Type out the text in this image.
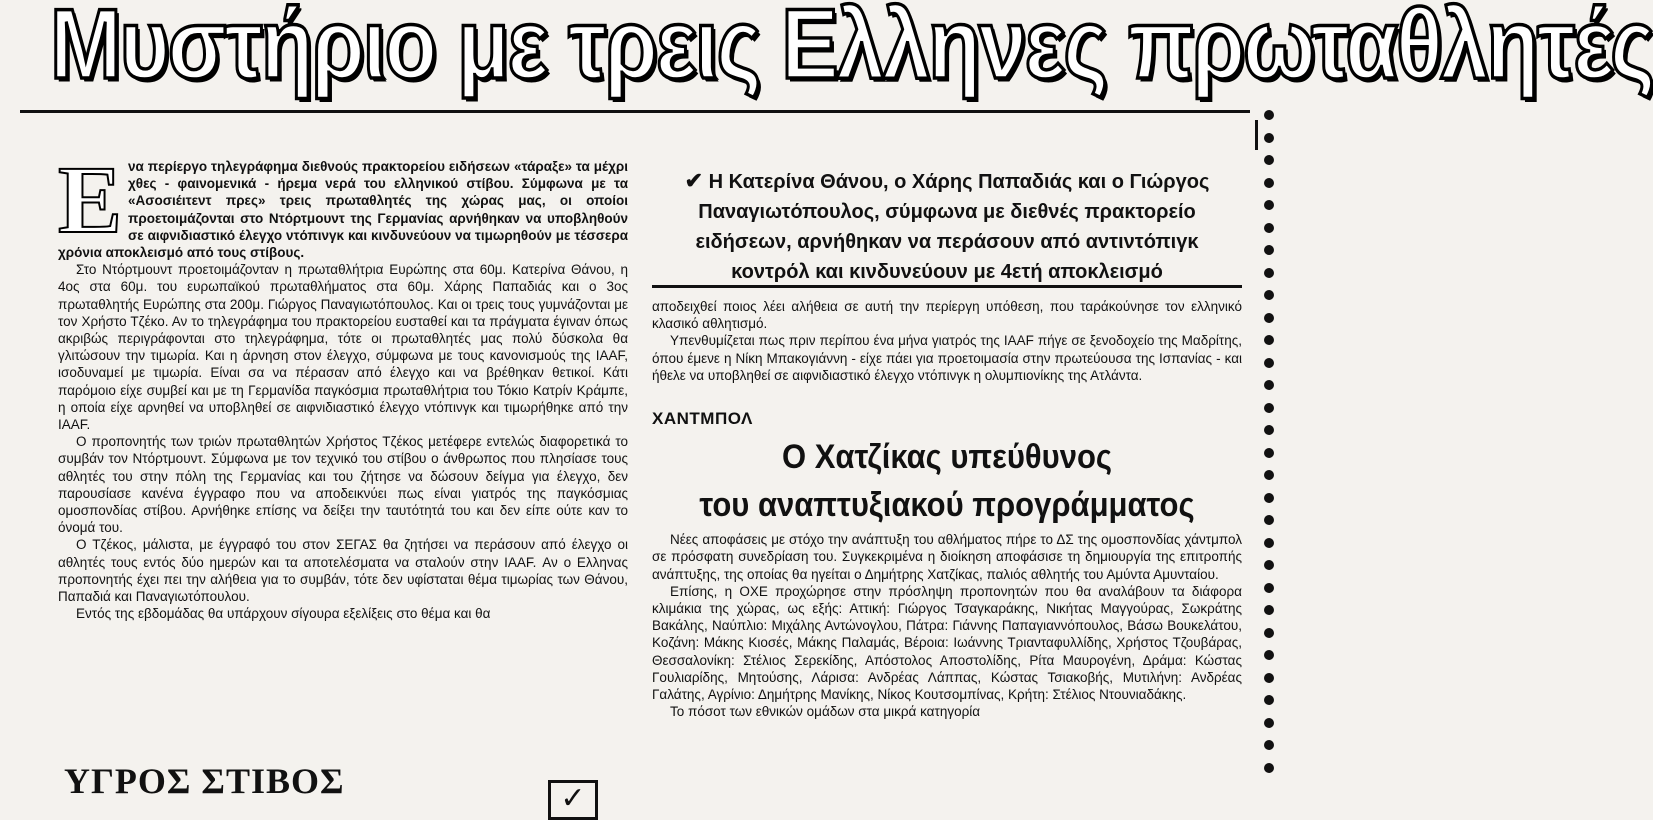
Μυστήριο με τρεις Ελληνες πρωταθλητές

Ενα περίεργο τηλεγράφημα διεθνούς πρακτορείου ειδήσεων «τάραξε» τα μέχρι χθες - φαινομενικά - ήρεμα νερά του ελληνικού στίβου. Σύμφωνα με τα «Ασοσιέιτεντ πρες» τρεις πρωταθλητές της χώρας μας, οι οποίοι προετοιμάζονται στο Ντόρτμουντ της Γερμανίας αρνήθηκαν να υποβληθούν σε αιφνιδιαστικό έλεγχο ντόπινγκ και κινδυνεύουν να τιμωρηθούν με τέσσερα χρόνια αποκλεισμό από τους στίβους.

Στο Ντόρτμουντ προετοιμάζονταν η πρωταθλήτρια Ευρώπης στα 60μ. Κατερίνα Θάνου, η 4ος στα 60μ. του ευρωπαϊκού πρωταθλήματος στα 60μ. Χάρης Παπαδιάς και ο 3ος πρωταθλητής Ευρώπης στα 200μ. Γιώργος Παναγιωτόπουλος. Και οι τρεις τους γυμνάζονται με τον Χρήστο Τζέκο. Αν το τηλεγράφημα του πρακτορείου ευσταθεί και τα πράγματα έγιναν όπως ακριβώς περιγράφονται στο τηλεγράφημα, τότε οι πρωταθλητές μας πολύ δύσκολα θα γλιτώσουν την τιμωρία. Και η άρνηση στον έλεγχο, σύμφωνα με τους κανονισμούς της IAAF, ισοδυναμεί με τιμωρία. Είναι σα να πέρασαν από έλεγχο και να βρέθηκαν θετικοί. Κάτι παρόμοιο είχε συμβεί και με τη Γερμανίδα παγκόσμια πρωταθλήτρια του Τόκιο Κατρίν Κράμπε, η οποία είχε αρνηθεί να υποβληθεί σε αιφνιδιαστικό έλεγχο ντόπινγκ και τιμωρήθηκε από την IAAF.

Ο προπονητής των τριών πρωταθλητών Χρήστος Τζέκος μετέφερε εντελώς διαφορετικά το συμβάν τον Ντόρτμουντ. Σύμφωνα με τον τεχνικό του στίβου ο άνθρωπος που πλησίασε τους αθλητές του στην πόλη της Γερμανίας και του ζήτησε να δώσουν δείγμα για έλεγχο, δεν παρουσίασε κανένα έγγραφο που να αποδεικνύει πως είναι γιατρός της παγκόσμιας ομοσπονδίας στίβου. Αρνήθηκε επίσης να δείξει την ταυτότητά του και δεν είπε ούτε καν το όνομά του.

Ο Τζέκος, μάλιστα, με έγγραφό του στον ΣΕΓΑΣ θα ζητήσει να περάσουν από έλεγχο οι αθλητές τους εντός δύο ημερών και τα αποτελέσματα να σταλούν στην IAAF. Αν ο Ελληνας προπονητής έχει πει την αλήθεια για το συμβάν, τότε δεν υφίσταται θέμα τιμωρίας των Θάνου, Παπαδιά και Παναγιωτόπουλου.

Εντός της εβδομάδας θα υπάρχουν σίγουρα εξελίξεις στο θέμα και θα

✔ Η Κατερίνα Θάνου, ο Χάρης Παπαδιάς και ο Γιώργος Παναγιωτόπουλος, σύμφωνα με διεθνές πρακτορείο ειδήσεων, αρνήθηκαν να περάσουν από αντιντόπιγκ κοντρόλ και κινδυνεύουν με 4ετή αποκλεισμό

αποδειχθεί ποιος λέει αλήθεια σε αυτή την περίεργη υπόθεση, που ταράκούνησε τον ελληνικό κλασικό αθλητισμό.

Υπενθυμίζεται πως πριν περίπου ένα μήνα γιατρός της IAAF πήγε σε ξενοδοχείο της Μαδρίτης, όπου έμενε η Νίκη Μπακογιάννη - είχε πάει για προετοιμασία στην πρωτεύουσα της Ισπανίας - και ήθελε να υποβληθεί σε αιφνιδιαστικό έλεγχο ντόπινγκ η ολυμπιονίκης της Ατλάντα.

ΧΑΝΤΜΠΟΛ
Ο Χατζίκας υπεύθυνος
του αναπτυξιακού προγράμματος

Νέες αποφάσεις με στόχο την ανάπτυξη του αθλήματος πήρε το ΔΣ της ομοσπονδίας χάντμπολ σε πρόσφατη συνεδρίαση του. Συγκεκριμένα η διοίκηση αποφάσισε τη δημιουργία της επιτροπής ανάπτυξης, της οποίας θα ηγείται ο Δημήτρης Χατζίκας, παλιός αθλητής του Αμύντα Αμυνταίου.

Επίσης, η ΟΧΕ προχώρησε στην πρόσληψη προπονητών που θα αναλάβουν τα διάφορα κλιμάκια της χώρας, ως εξής: Αττική: Γιώργος Τσαγκαράκης, Νικήτας Μαγγούρας, Σωκράτης Βακάλης, Ναύπλιο: Μιχάλης Αντώνογλου, Πάτρα: Γιάννης Παπαγιαννόπουλος, Βάσω Βουκελάτου, Κοζάνη: Μάκης Κιοσές, Μάκης Παλαμάς, Βέροια: Ιωάννης Τριανταφυλλίδης, Χρήστος Τζουβάρας, Θεσσαλονίκη: Στέλιος Σερεκίδης, Απόστολος Αποστολίδης, Ρίτα Μαυρογένη, Δράμα: Κώστας Γουλιαρίδης, Μητούσης, Λάρισα: Ανδρέας Λάππας, Κώστας Τσιακοβής, Μυτιλήνη: Ανδρέας Γαλάτης, Αγρίνιο: Δημήτρης Μανίκης, Νίκος Κουτσομπίνας, Κρήτη: Στέλιος Ντουνιαδάκης.

Το πόσοτ των εθνικών ομάδων στα μικρά κατηγορία

ΥΓΡΟΣ ΣΤΙΒΟΣ	✓
